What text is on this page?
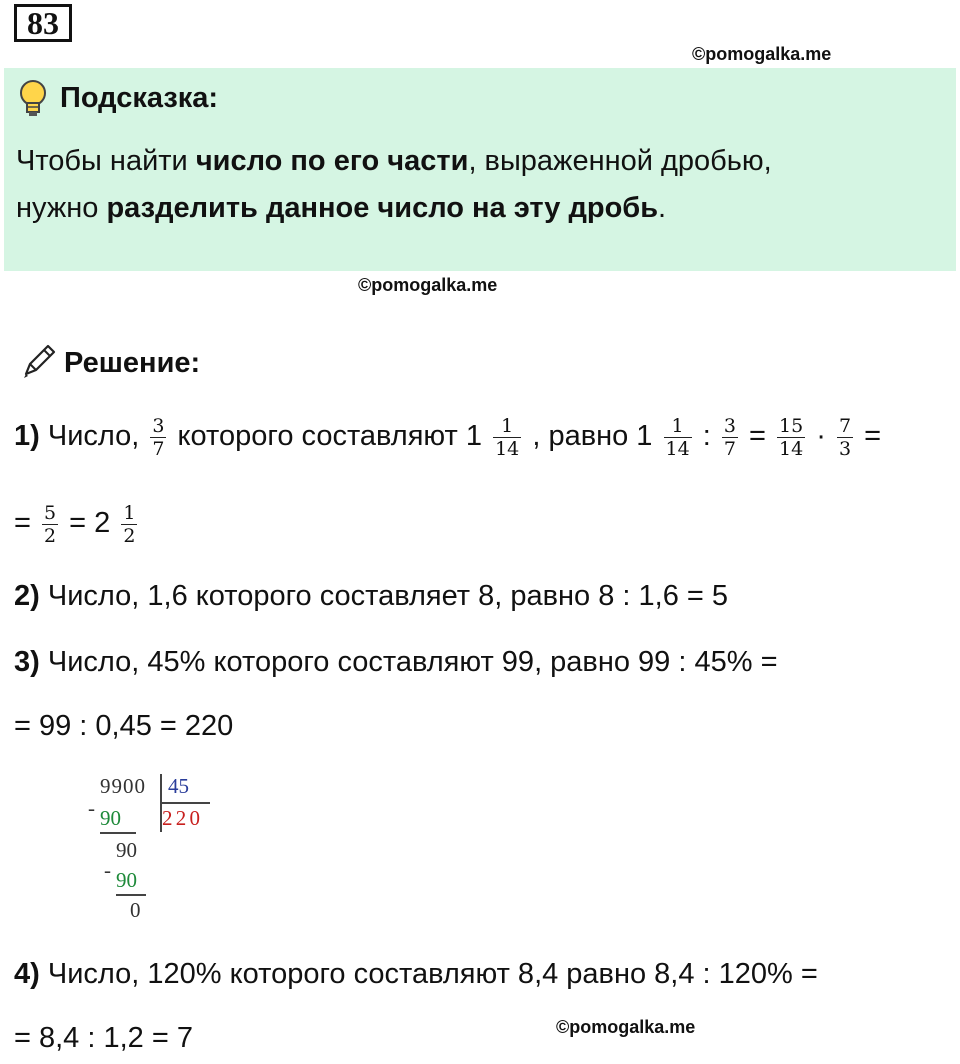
83
©pomogalka.me
Подсказка:
Чтобы найти число по его части, выраженной дробью,
нужно разделить данное число на эту дробь.
©pomogalka.me
Решение:
1) Число, $\frac{3}{7}$ которого составляют $1 \frac{1}{14}$ , равно $1 \frac{1}{14}$ : $\frac{3}{7} = \frac{15}{14} \cdot \frac{7}{3}$ =
= $\frac{5}{2} = 2 \frac{1}{2}$
2) Число, 1,6 которого составляет 8, равно 8 : 1,6 = 5
3) Число, 45% которого составляют 99, равно 99 : 45% =
= 99 : 0,45 = 220
9900 45
2 2 0
- 90
90
- 90
0
4) Число, 120% которого составляют 8,4 равно 8,4 : 120% =
= 8,4 : 1,2 = 7	©pomogalka.me
